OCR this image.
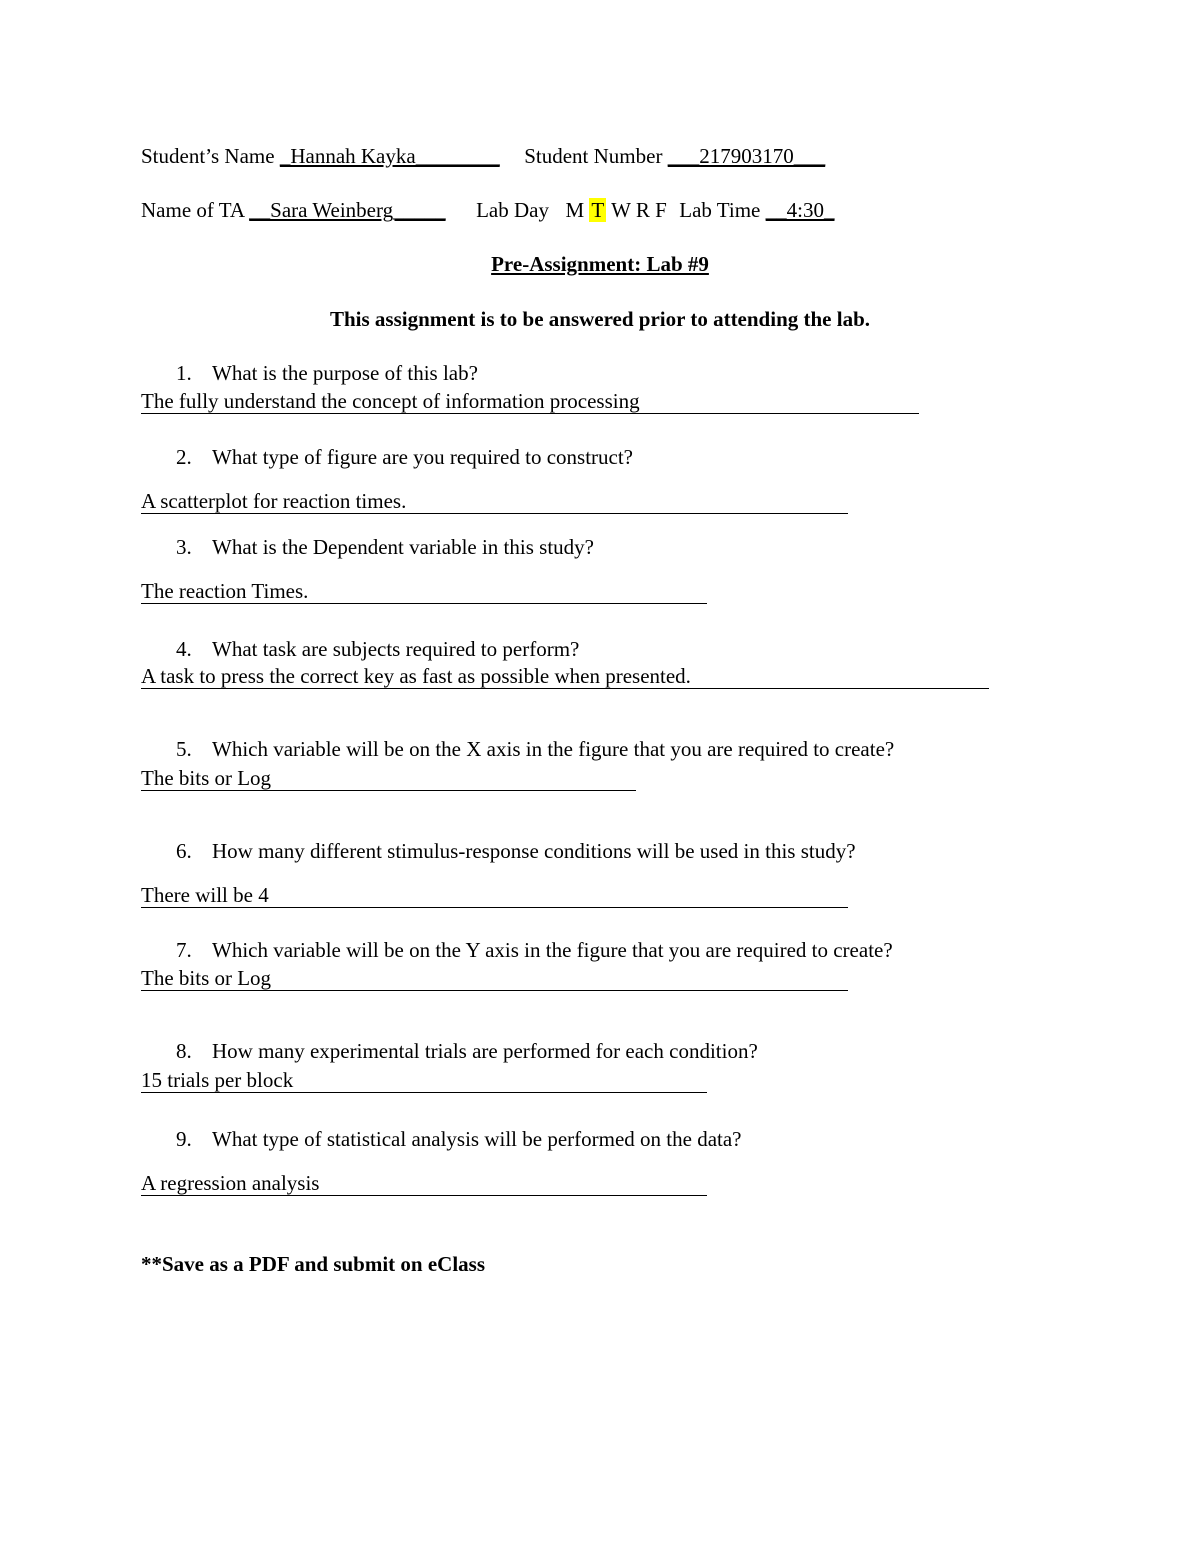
Student’s Name _Hannah Kayka________ Student Number ___217903170___
Name of TA __Sara Weinberg_____ Lab Day M T W R F Lab Time __4:30_
Pre-Assignment: Lab #9
This assignment is to be answered prior to attending the lab.
1. What is the purpose of this lab?
The fully understand the concept of information processing
2. What type of figure are you required to construct?
A scatterplot for reaction times.
3. What is the Dependent variable in this study?
The reaction Times.
4. What task are subjects required to perform?
A task to press the correct key as fast as possible when presented.
5. Which variable will be on the X axis in the figure that you are required to create?
The bits or Log
6. How many different stimulus-response conditions will be used in this study?
There will be 4
7. Which variable will be on the Y axis in the figure that you are required to create?
The bits or Log
8. How many experimental trials are performed for each condition?
15 trials per block
9. What type of statistical analysis will be performed on the data?
A regression analysis
**Save as a PDF and submit on eClass
